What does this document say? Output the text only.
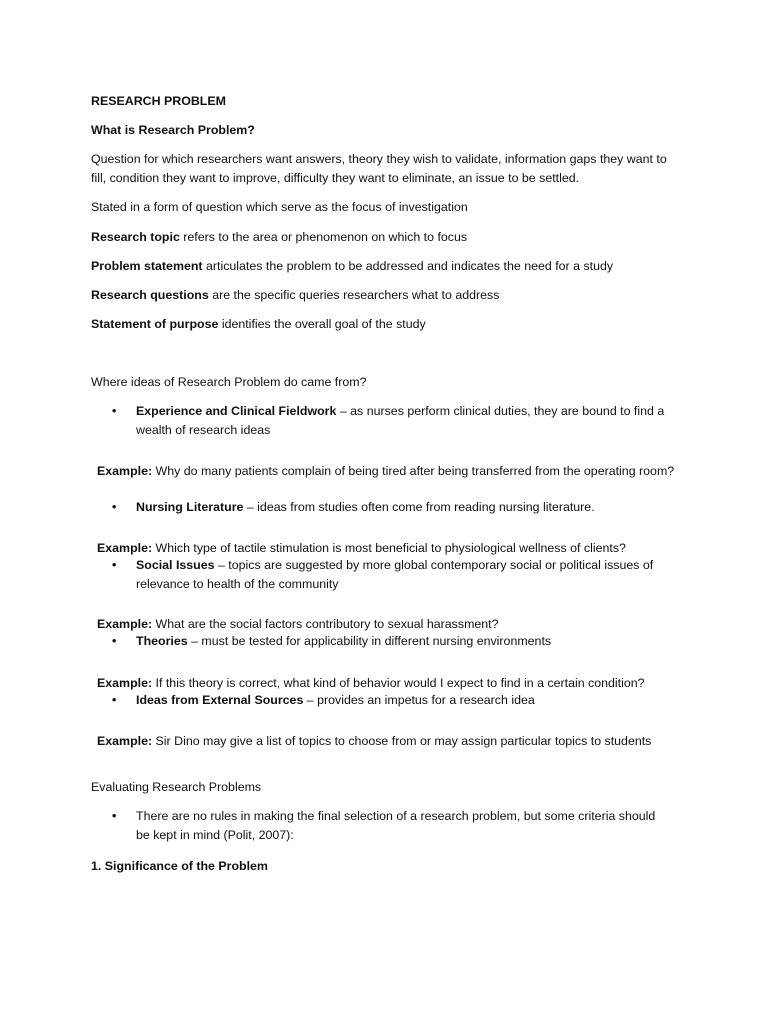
RESEARCH PROBLEM

What is Research Problem?

Question for which researchers want answers, theory they wish to validate, information gaps they want to fill, condition they want to improve, difficulty they want to eliminate, an issue to be settled.

Stated in a form of question which serve as the focus of investigation

Research topic refers to the area or phenomenon on which to focus

Problem statement articulates the problem to be addressed and indicates the need for a study

Research questions are the specific queries researchers what to address

Statement of purpose identifies the overall goal of the study

Where ideas of Research Problem do came from?

• Experience and Clinical Fieldwork – as nurses perform clinical duties, they are bound to find a wealth of research ideas

Example: Why do many patients complain of being tired after being transferred from the operating room?

• Nursing Literature – ideas from studies often come from reading nursing literature.

Example: Which type of tactile stimulation is most beneficial to physiological wellness of clients?

• Social Issues – topics are suggested by more global contemporary social or political issues of relevance to health of the community

Example: What are the social factors contributory to sexual harassment?

• Theories – must be tested for applicability in different nursing environments

Example: If this theory is correct, what kind of behavior would I expect to find in a certain condition?

• Ideas from External Sources – provides an impetus for a research idea

Example: Sir Dino may give a list of topics to choose from or may assign particular topics to students

Evaluating Research Problems

• There are no rules in making the final selection of a research problem, but some criteria should be kept in mind (Polit, 2007):

1. Significance of the Problem
